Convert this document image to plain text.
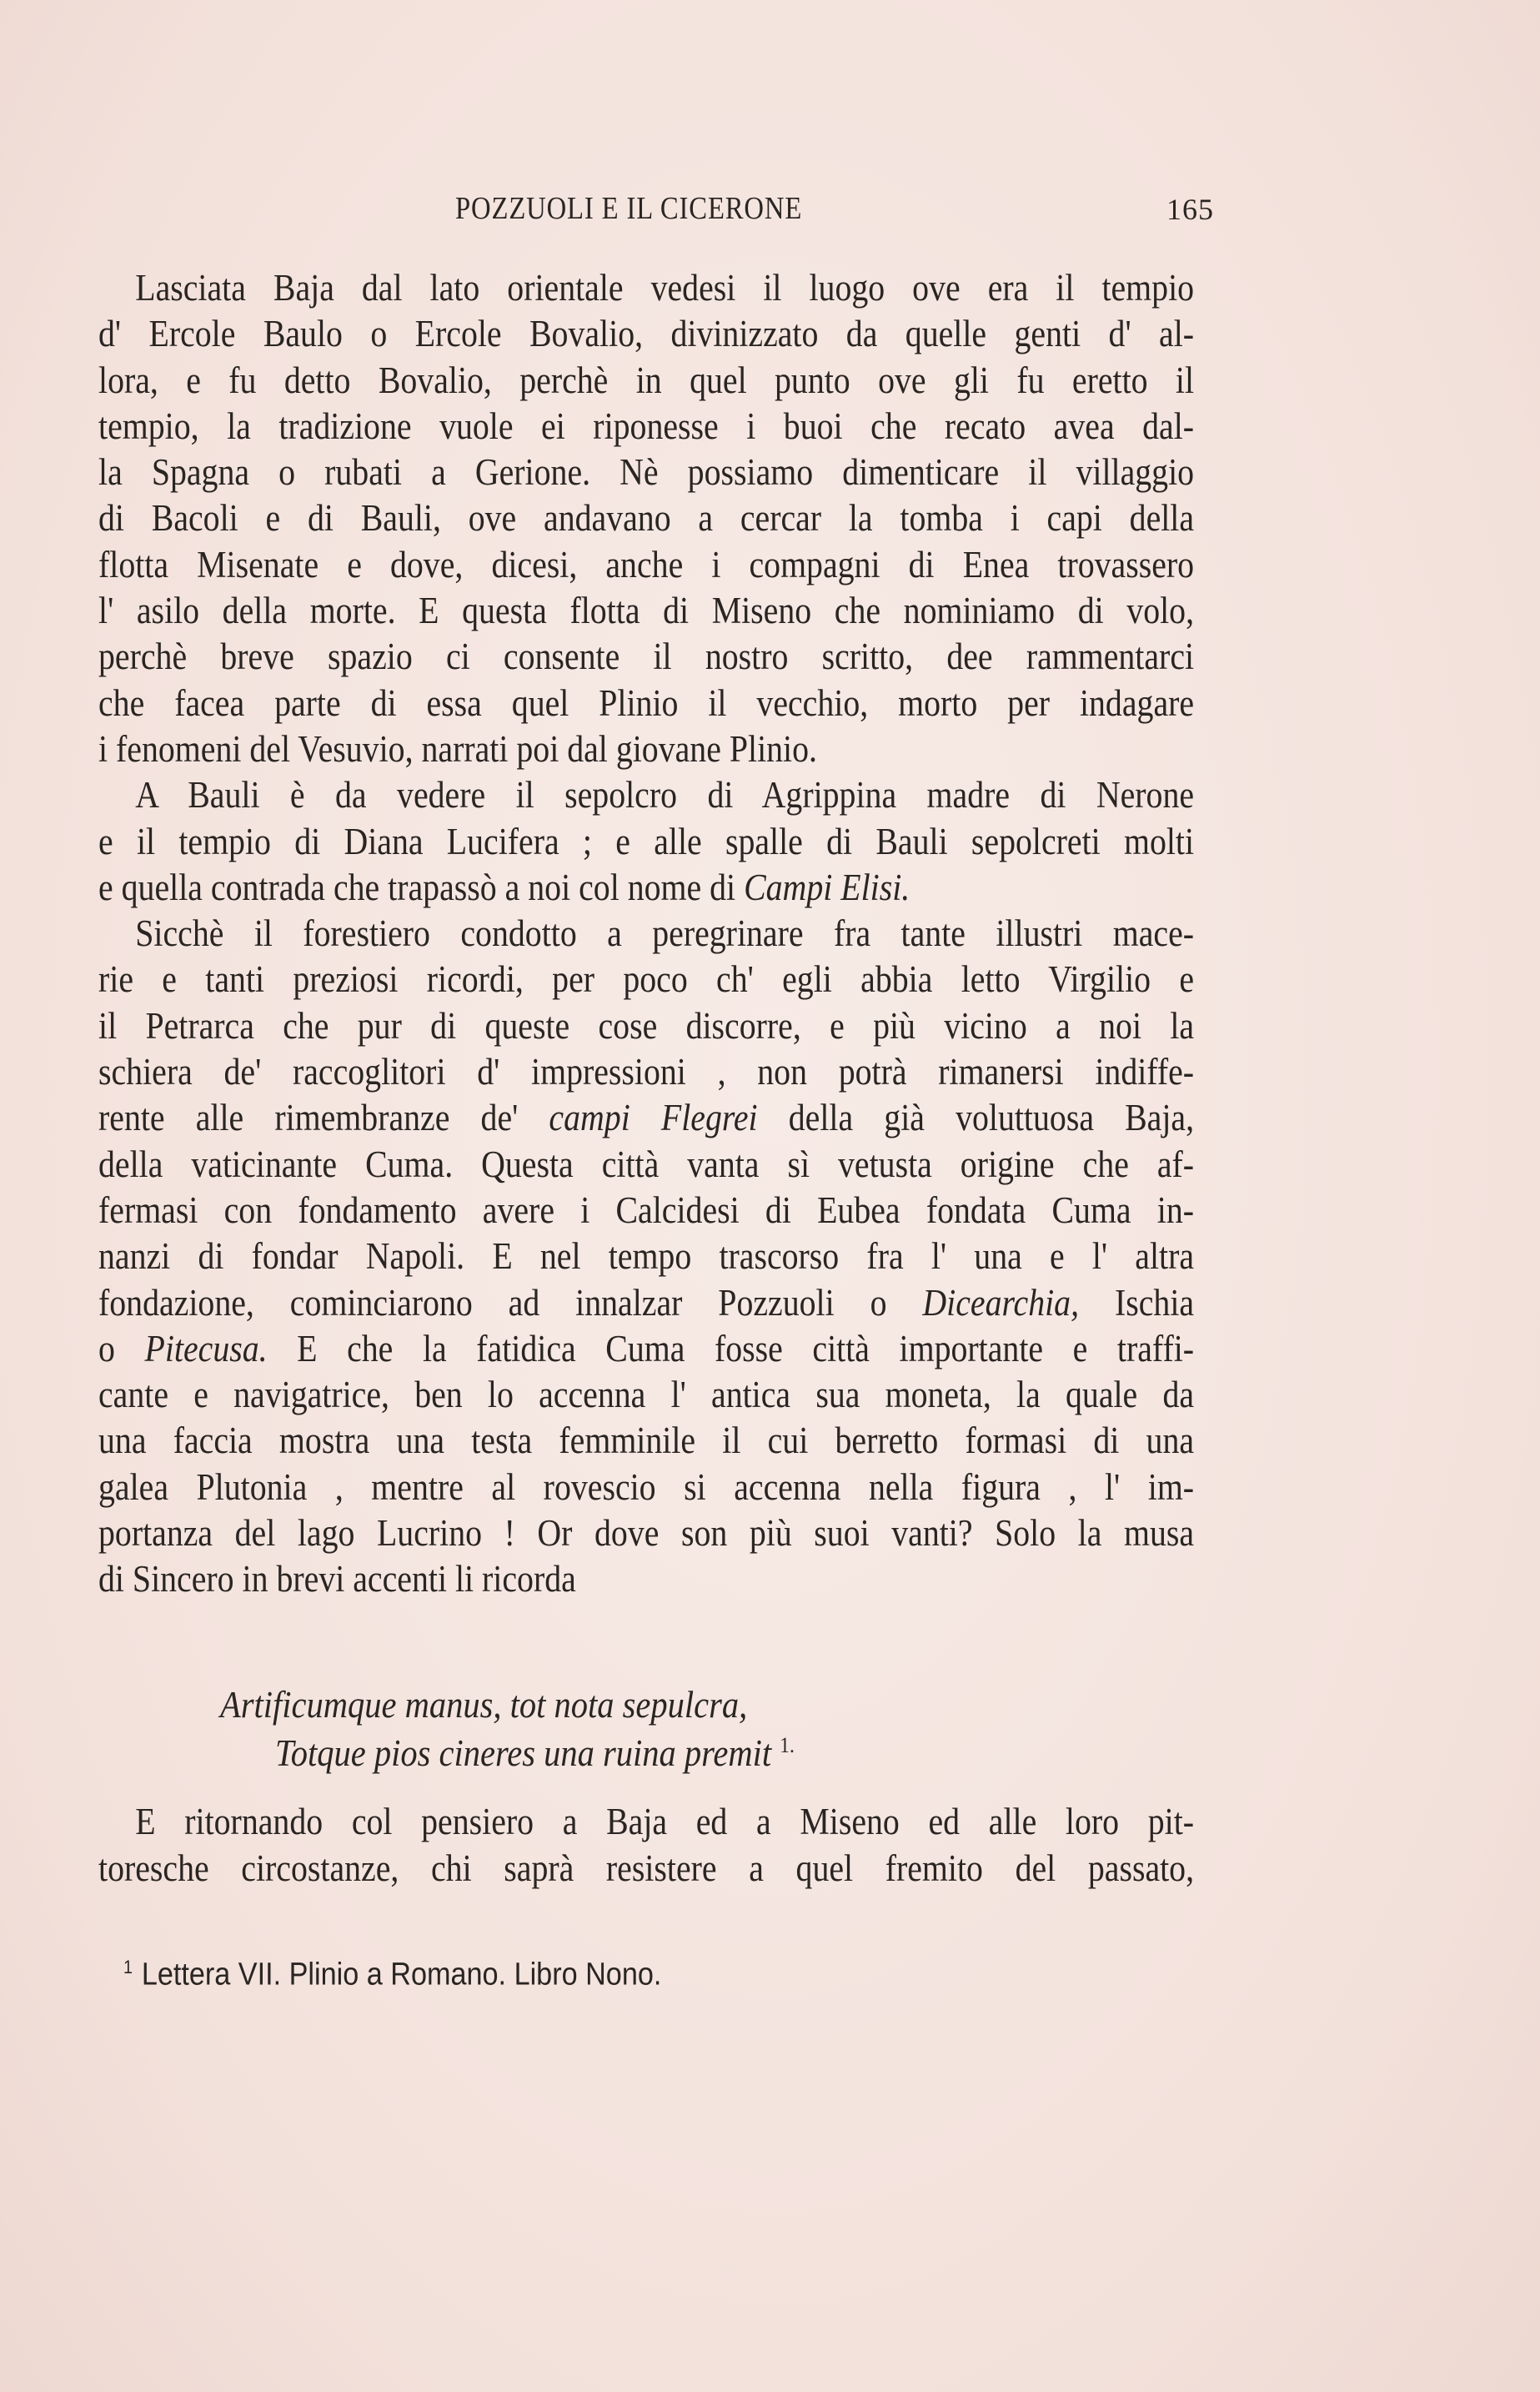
POZZUOLI E IL CICERONE	165
Lasciata Baja dal lato orientale vedesi il luogo ove era il tempio
d' Ercole Baulo o Ercole Bovalio, divinizzato da quelle genti d' al-
lora, e fu detto Bovalio, perchè in quel punto ove gli fu eretto il
tempio, la tradizione vuole ei riponesse i buoi che recato avea dal-
la Spagna o rubati a Gerione. Nè possiamo dimenticare il villaggio
di Bacoli e di Bauli, ove andavano a cercar la tomba i capi della
flotta Misenate e dove, dicesi, anche i compagni di Enea trovassero
l' asilo della morte. E questa flotta di Miseno che nominiamo di volo,
perchè breve spazio ci consente il nostro scritto, dee rammentarci
che facea parte di essa quel Plinio il vecchio, morto per indagare
i fenomeni del Vesuvio, narrati poi dal giovane Plinio.
A Bauli è da vedere il sepolcro di Agrippina madre di Nerone
e il tempio di Diana Lucifera ; e alle spalle di Bauli sepolcreti molti
e quella contrada che trapassò a noi col nome di Campi Elisi.
Sicchè il forestiero condotto a peregrinare fra tante illustri mace-
rie e tanti preziosi ricordi, per poco ch' egli abbia letto Virgilio e
il Petrarca che pur di queste cose discorre, e più vicino a noi la
schiera de' raccoglitori d' impressioni , non potrà rimanersi indiffe-
rente alle rimembranze de' campi Flegrei della già voluttuosa Baja,
della vaticinante Cuma. Questa città vanta sì vetusta origine che af-
fermasi con fondamento avere i Calcidesi di Eubea fondata Cuma in-
nanzi di fondar Napoli. E nel tempo trascorso fra l' una e l' altra
fondazione, cominciarono ad innalzar Pozzuoli o Dicearchia, Ischia
o Pitecusa. E che la fatidica Cuma fosse città importante e traffi-
cante e navigatrice, ben lo accenna l' antica sua moneta, la quale da
una faccia mostra una testa femminile il cui berretto formasi di una
galea Plutonia , mentre al rovescio si accenna nella figura , l' im-
portanza del lago Lucrino ! Or dove son più suoi vanti? Solo la musa
di Sincero in brevi accenti li ricorda
Artificumque manus, tot nota sepulcra,
Totque pios cineres una ruina premit $^{1.}$
E ritornando col pensiero a Baja ed a Miseno ed alle loro pit-
toresche circostanze, chi saprà resistere a quel fremito del passato,
$^1$ Lettera VII. Plinio a Romano. Libro Nono.
